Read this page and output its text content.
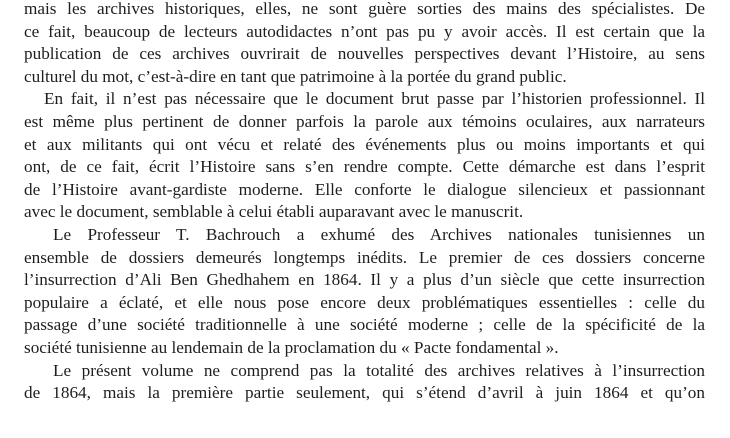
mais les archives historiques, elles, ne sont guère sorties des mains des spécialistes. De
ce fait, beaucoup de lecteurs autodidactes n’ont pas pu y avoir accès. Il est certain que la
publication de ces archives ouvrirait de nouvelles perspectives devant l’Histoire, au sens
culturel du mot, c’est-à-dire en tant que patrimoine à la portée du grand public.

En fait, il n’est pas nécessaire que le document brut passe par l’historien professionnel. Il
est même plus pertinent de donner parfois la parole aux témoins oculaires, aux narrateurs
et aux militants qui ont vécu et relaté des événements plus ou moins importants et qui
ont, de ce fait, écrit l’Histoire sans s’en rendre compte. Cette démarche est dans l’esprit
de l’Histoire avant-gardiste moderne. Elle conforte le dialogue silencieux et passionnant
avec le document, semblable à celui établi auparavant avec le manuscrit.

Le Professeur T. Bachrouch a exhumé des Archives nationales tunisiennes un
ensemble de dossiers demeurés longtemps inédits. Le premier de ces dossiers concerne
l’insurrection d’Ali Ben Ghedhahem en 1864. Il y a plus d’un siècle que cette insurrection
populaire a éclaté, et elle nous pose encore deux problématiques essentielles : celle du
passage d’une société traditionnelle à une société moderne ; celle de la spécificité de la
société tunisienne au lendemain de la proclamation du « Pacte fondamental ».

Le présent volume ne comprend pas la totalité des archives relatives à l’insurrection
de 1864, mais la première partie seulement, qui s’étend d’avril à juin 1864 et qu’on
